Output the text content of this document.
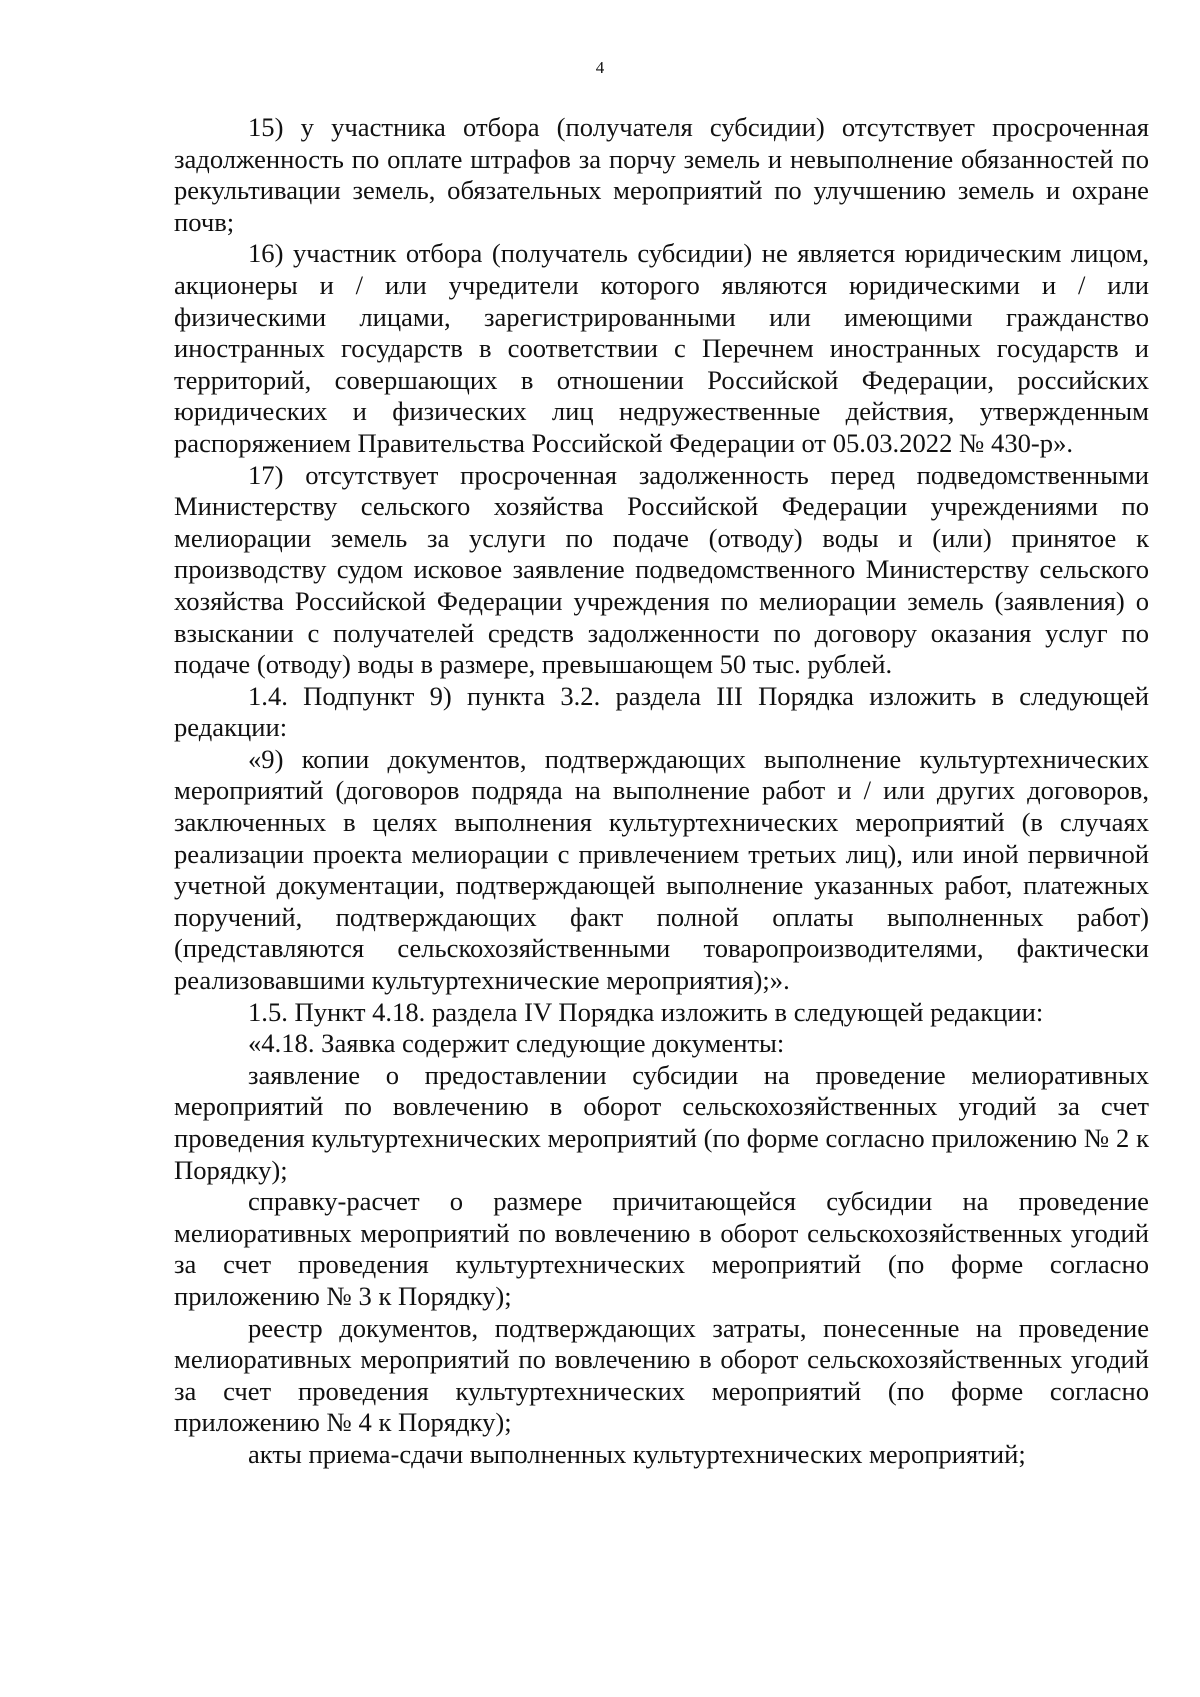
4

15) у участника отбора (получателя субсидии) отсутствует просроченная задолженность по оплате штрафов за порчу земель и невыполнение обязанностей по рекультивации земель, обязательных мероприятий по улучшению земель и охране почв;

16) участник отбора (получатель субсидии) не является юридическим лицом, акционеры и / или учредители которого являются юридическими и / или физическими лицами, зарегистрированными или имеющими гражданство иностранных государств в соответствии с Перечнем иностранных государств и территорий, совершающих в отношении Российской Федерации, российских юридических и физических лиц недружественные действия, утвержденным распоряжением Правительства Российской Федерации от 05.03.2022 № 430-р».

17) отсутствует просроченная задолженность перед подведомственными Министерству сельского хозяйства Российской Федерации учреждениями по мелиорации земель за услуги по подаче (отводу) воды и (или) принятое к производству судом исковое заявление подведомственного Министерству сельского хозяйства Российской Федерации учреждения по мелиорации земель (заявления) о взыскании с получателей средств задолженности по договору оказания услуг по подаче (отводу) воды в размере, превышающем 50 тыс. рублей.

1.4. Подпункт 9) пункта 3.2. раздела III Порядка изложить в следующей редакции:

«9) копии документов, подтверждающих выполнение культуртехнических мероприятий (договоров подряда на выполнение работ и / или других договоров, заключенных в целях выполнения культуртехнических мероприятий (в случаях реализации проекта мелиорации с привлечением третьих лиц), или иной первичной учетной документации, подтверждающей выполнение указанных работ, платежных поручений, подтверждающих факт полной оплаты выполненных работ) (представляются сельскохозяйственными товаропроизводителями, фактически реализовавшими культуртехнические мероприятия);».

1.5. Пункт 4.18. раздела IV Порядка изложить в следующей редакции:

«4.18. Заявка содержит следующие документы:

заявление о предоставлении субсидии на проведение мелиоративных мероприятий по вовлечению в оборот сельскохозяйственных угодий за счет проведения культуртехнических мероприятий (по форме согласно приложению № 2 к Порядку);

справку-расчет о размере причитающейся субсидии на проведение мелиоративных мероприятий по вовлечению в оборот сельскохозяйственных угодий за счет проведения культуртехнических мероприятий (по форме согласно приложению № 3 к Порядку);

реестр документов, подтверждающих затраты, понесенные на проведение мелиоративных мероприятий по вовлечению в оборот сельскохозяйственных угодий за счет проведения культуртехнических мероприятий (по форме согласно приложению № 4 к Порядку);

акты приема-сдачи выполненных культуртехнических мероприятий;
